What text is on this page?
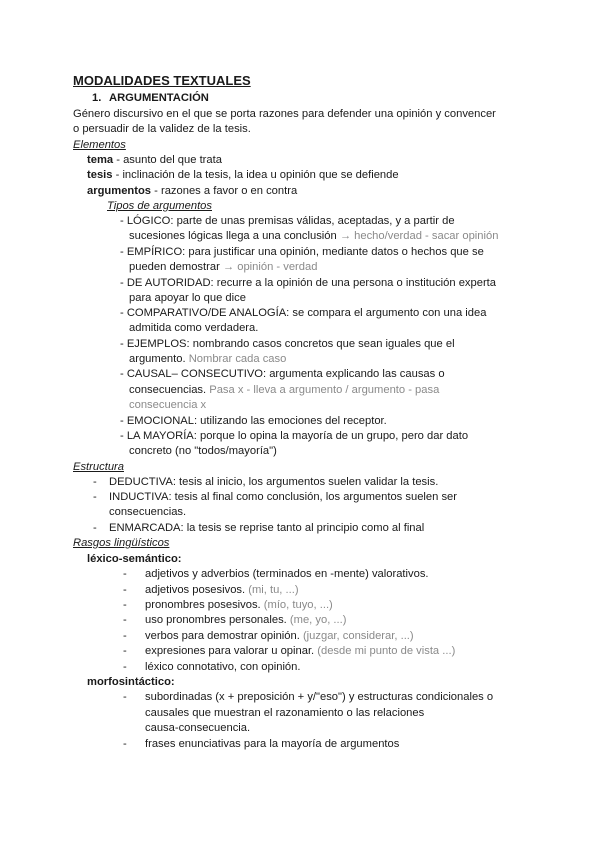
MODALIDADES TEXTUALES
1. ARGUMENTACIÓN
Género discursivo en el que se porta razones para defender una opinión y convencer
o persuadir de la validez de la tesis.
Elementos
tema - asunto del que trata
tesis - inclinación de la tesis, la idea u opinión que se defiende
argumentos - razones a favor o en contra
Tipos de argumentos
- LÓGICO: parte de unas premisas válidas, aceptadas, y a partir de
sucesiones lógicas llega a una conclusión → hecho/verdad - sacar opinión
- EMPÍRICO: para justificar una opinión, mediante datos o hechos que se
pueden demostrar → opinión - verdad
- DE AUTORIDAD: recurre a la opinión de una persona o institución experta
para apoyar lo que dice
- COMPARATIVO/DE ANALOGÍA: se compara el argumento con una idea
admitida como verdadera.
- EJEMPLOS: nombrando casos concretos que sean iguales que el
argumento. Nombrar cada caso
- CAUSAL– CONSECUTIVO: argumenta explicando las causas o
consecuencias. Pasa x - lleva a argumento / argumento - pasa
consecuencia x
- EMOCIONAL: utilizando las emociones del receptor.
- LA MAYORÍA: porque lo opina la mayoría de un grupo, pero dar dato
concreto (no "todos/mayoría")
Estructura
- DEDUCTIVA: tesis al inicio, los argumentos suelen validar la tesis.
- INDUCTIVA: tesis al final como conclusión, los argumentos suelen ser
consecuencias.
- ENMARCADA: la tesis se reprise tanto al principio como al final
Rasgos lingüísticos
léxico-semántico:
- adjetivos y adverbios (terminados en -mente) valorativos.
- adjetivos posesivos. (mi, tu, ...)
- pronombres posesivos. (mío, tuyo, ...)
- uso pronombres personales. (me, yo, ...)
- verbos para demostrar opinión. (juzgar, considerar, ...)
- expresiones para valorar u opinar. (desde mi punto de vista ...)
- léxico connotativo, con opinión.
morfosintáctico:
- subordinadas (x + preposición + y/"eso") y estructuras condicionales o
causales que muestran el razonamiento o las relaciones
causa-consecuencia.
- frases enunciativas para la mayoría de argumentos
